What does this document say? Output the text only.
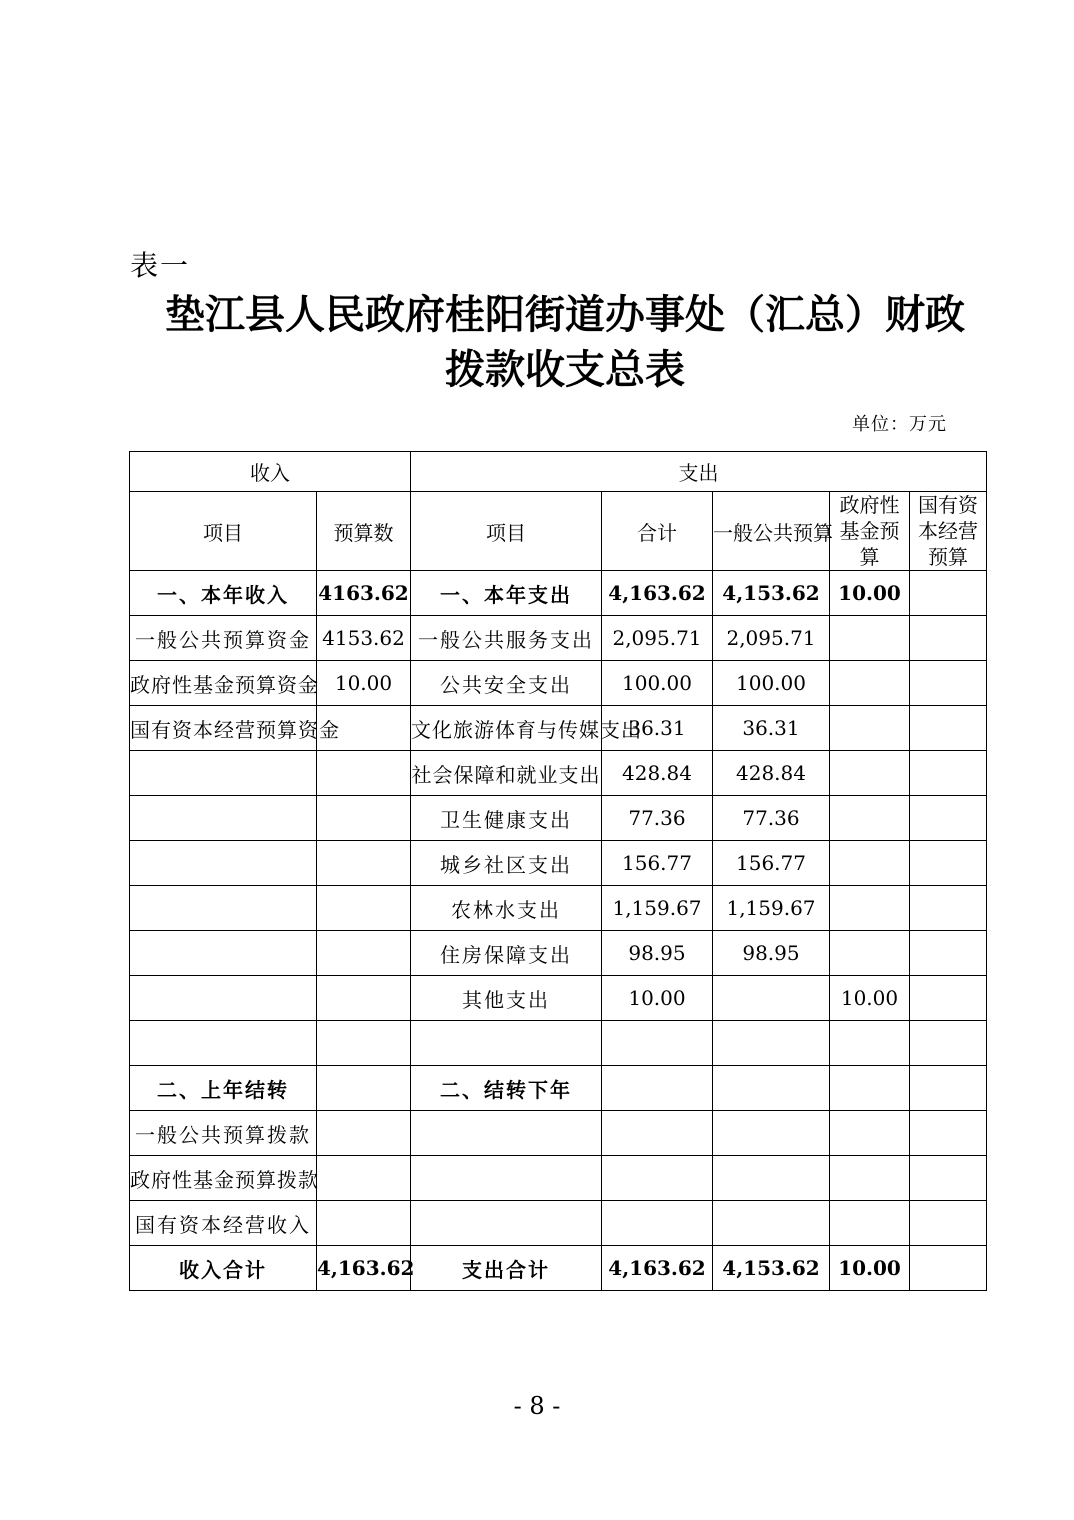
表一
垫江县人民政府桂阳街道办事处（汇总）财政
拨款收支总表
单位：万元
收入		支出				
项目	预算数	项目	合计	一般公共预算	政府性基金预算	国有资本经营预算
一、本年收入	4163.62	一、本年支出	4,163.62	4,153.62	10.00	
一般公共预算资金	4153.62	一般公共服务支出	2,095.71	2,095.71		
政府性基金预算资金	10.00	公共安全支出	100.00	100.00		
国有资本经营预算资金		文化旅游体育与传媒支出	36.31	36.31		
		社会保障和就业支出	428.84	428.84		
		卫生健康支出	77.36	77.36		
		城乡社区支出	156.77	156.77		
		农林水支出	1,159.67	1,159.67		
		住房保障支出	98.95	98.95		
		其他支出	10.00		10.00	

二、上年结转		二、结转下年				
一般公共预算拨款						
政府性基金预算拨款						
国有资本经营收入						
收入合计	4,163.62	支出合计	4,163.62	4,153.62	10.00	
- 8 -
